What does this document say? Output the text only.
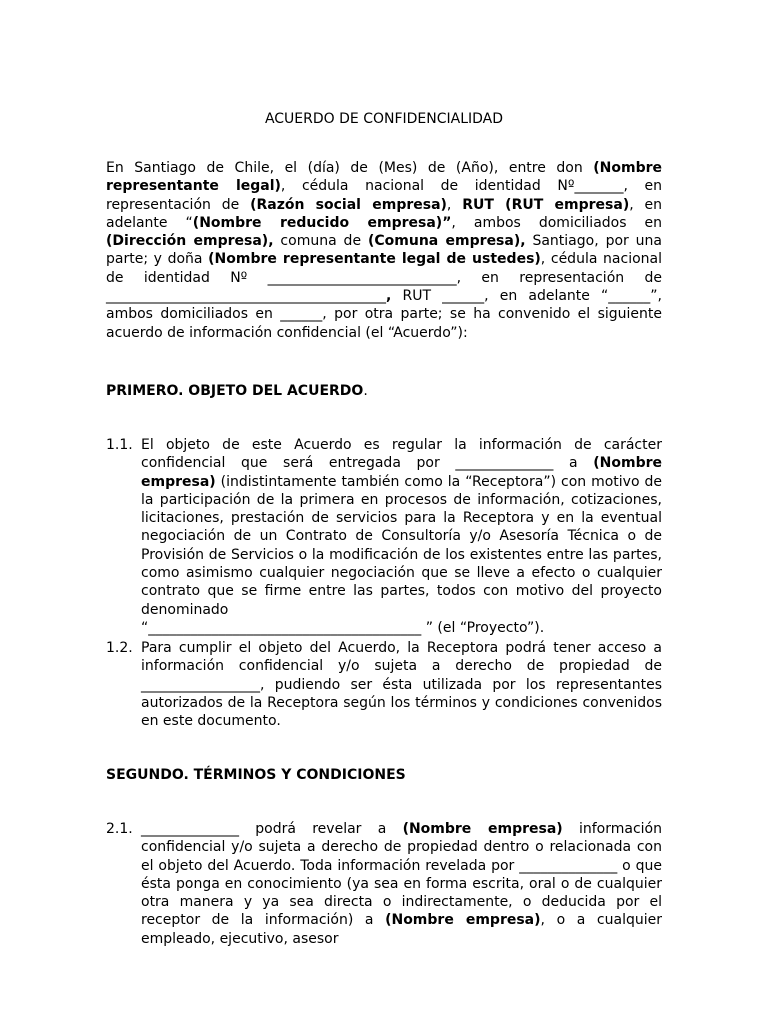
ACUERDO DE CONFIDENCIALIDAD
En Santiago de Chile, el (día) de (Mes) de (Año), entre don (Nombre representante legal), cédula nacional de identidad Nº_______, en representación de (Razón social empresa), RUT (RUT empresa), en adelante “(Nombre reducido empresa)”, ambos domiciliados en (Dirección empresa), comuna de (Comuna empresa), Santiago, por una parte; y doña (Nombre representante legal de ustedes), cédula nacional de identidad Nº ___________________________, en representación de ________________________________________, RUT ______, en adelante “______”, ambos domiciliados en ______, por otra parte; se ha convenido el siguiente acuerdo de información confidencial (el “Acuerdo”):
PRIMERO. OBJETO DEL ACUERDO.
1.1. El objeto de este Acuerdo es regular la información de carácter confidencial que será entregada por ______________ a (Nombre empresa) (indistintamente también como la “Receptora”) con motivo de la participación de la primera en procesos de información, cotizaciones, licitaciones, prestación de servicios para la Receptora y en la eventual negociación de un Contrato de Consultoría y/o Asesoría Técnica o de Provisión de Servicios o la modificación de los existentes entre las partes, como asimismo cualquier negociación que se lleve a efecto o cualquier contrato que se firme entre las partes, todos con motivo del proyecto denominado
“_______________________________________ ” (el “Proyecto”).
1.2. Para cumplir el objeto del Acuerdo, la Receptora podrá tener acceso a información confidencial y/o sujeta a derecho de propiedad de _________________, pudiendo ser ésta utilizada por los representantes autorizados de la Receptora según los términos y condiciones convenidos en este documento.
SEGUNDO. TÉRMINOS Y CONDICIONES
2.1. ______________ podrá revelar a (Nombre empresa) información confidencial y/o sujeta a derecho de propiedad dentro o relacionada con el objeto del Acuerdo. Toda información revelada por ______________ o que ésta ponga en conocimiento (ya sea en forma escrita, oral o de cualquier otra manera y ya sea directa o indirectamente, o deducida por el receptor de la información) a (Nombre empresa), o a cualquier empleado, ejecutivo, asesor
